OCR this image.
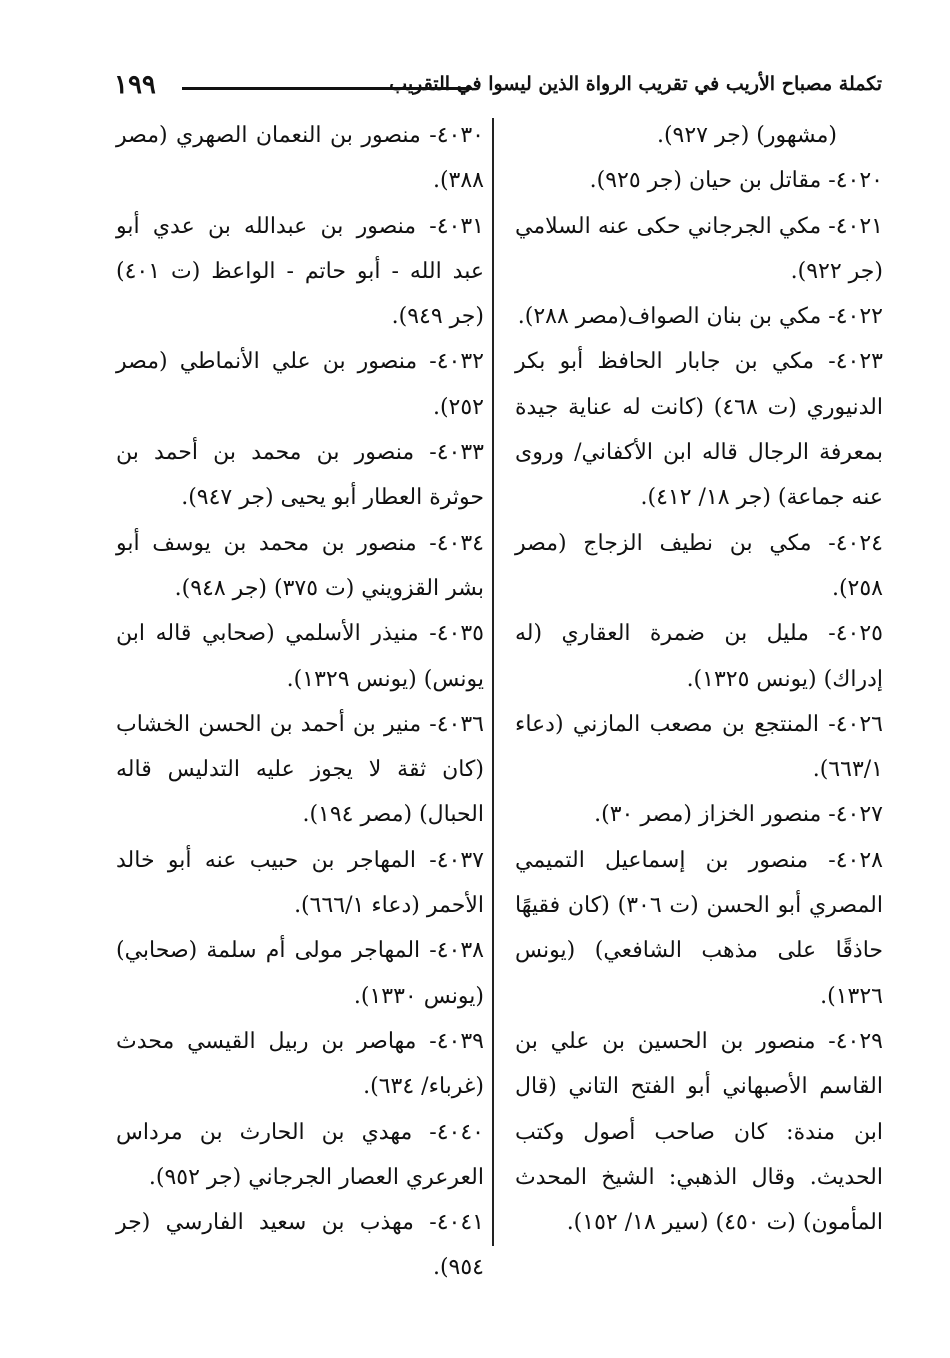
١٩٩	تكملة مصباح الأريب في تقريب الرواة الذين ليسوا في التقريب

(مشهور) (جر ٩٢٧).

٤٠٢٠- مقاتل بن حيان (جر ٩٢٥).

٤٠٢١- مكي الجرجاني حكى عنه السلامي (جر ٩٢٢).

٤٠٢٢- مكي بن بنان الصواف(مصر ٢٨٨).

٤٠٢٣- مكي بن جابار الحافظ أبو بكر الدنيوري (ت ٤٦٨) (كانت له عناية جيدة بمعرفة الرجال قاله ابن الأكفاني/ وروى عنه جماعة) (جر ١٨/ ٤١٢).

٤٠٢٤- مكي بن نطيف الزجاج (مصر ٢٥٨).

٤٠٢٥- مليل بن ضمرة العقاري (له إدراك) (يونس ١٣٢٥).

٤٠٢٦- المنتجع بن مصعب المازني (دعاء ٦٦٣/١).

٤٠٢٧- منصور الخزاز (مصر ٣٠).

٤٠٢٨- منصور بن إسماعيل التميمي المصري أبو الحسن (ت ٣٠٦) (كان فقيهًا حاذقًا على مذهب الشافعي) (يونس ١٣٢٦).

٤٠٢٩- منصور بن الحسين بن علي بن القاسم الأصبهاني أبو الفتح التاني (قال ابن مندة: كان صاحب أصول وكتب الحديث. وقال الذهبي: الشيخ المحدث المأمون) (ت ٤٥٠) (سير ١٨/ ١٥٢).

٤٠٣٠- منصور بن النعمان الصهري (مصر ٣٨٨).

٤٠٣١- منصور بن عبدالله بن عدي أبو عبد الله - أبو حاتم - الواعظ (ت ٤٠١) (جر ٩٤٩).

٤٠٣٢- منصور بن علي الأنماطي (مصر ٢٥٢).

٤٠٣٣- منصور بن محمد بن أحمد بن حوثرة العطار أبو يحيى (جر ٩٤٧).

٤٠٣٤- منصور بن محمد بن يوسف أبو بشر القزويني (ت ٣٧٥) (جر ٩٤٨).

٤٠٣٥- منيذر الأسلمي (صحابي قاله ابن يونس) (يونس ١٣٢٩).

٤٠٣٦- منير بن أحمد بن الحسن الخشاب (كان ثقة لا يجوز عليه التدليس قاله الحبال) (مصر ١٩٤).

٤٠٣٧- المهاجر بن حبيب عنه أبو خالد الأحمر (دعاء ٦٦٦/١).

٤٠٣٨- المهاجر مولى أم سلمة (صحابي) (يونس ١٣٣٠).

٤٠٣٩- مهاصر بن ربيل القيسي محدث (غرباء/ ٦٣٤).

٤٠٤٠- مهدي بن الحارث بن مرداس العرعري العصار الجرجاني (جر ٩٥٢).

٤٠٤١- مهذب بن سعيد الفارسي (جر ٩٥٤).
